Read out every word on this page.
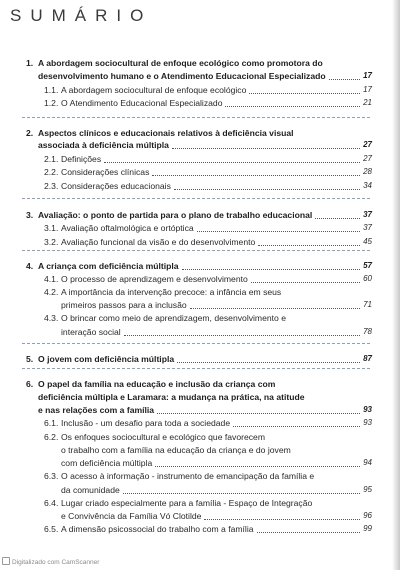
SUMÁRIO
1. A abordagem sociocultural de enfoque ecológico como promotora do
desenvolvimento humano e o Atendimento Educacional Especializado	17
1.1. A abordagem sociocultural de enfoque ecológico	17
1.2. O Atendimento Educacional Especializado	21
2. Aspectos clínicos e educacionais relativos à deficiência visual
associada à deficiência múltipla	27
2.1. Definições	27
2.2. Considerações clínicas	28
2.3. Considerações educacionais	34
3. Avaliação: o ponto de partida para o plano de trabalho educacional	37
3.1. Avaliação oftalmológica e ortóptica	37
3.2. Avaliação funcional da visão e do desenvolvimento	45
4. A criança com deficiência múltipla	57
4.1. O processo de aprendizagem e desenvolvimento	60
4.2. A importância da intervenção precoce: a infância em seus
primeiros passos para a inclusão	71
4.3. O brincar como meio de aprendizagem, desenvolvimento e
interação social	78
5. O jovem com deficiência múltipla	87
6. O papel da família na educação e inclusão da criança com
deficiência múltipla e Laramara: a mudança na prática, na atitude
e nas relações com a família	93
6.1. Inclusão - um desafio para toda a sociedade	93
6.2. Os enfoques sociocultural e ecológico que favorecem
o trabalho com a família na educação da criança e do jovem
com deficiência múltipla	94
6.3. O acesso à informação - instrumento de emancipação da família e
da comunidade	95
6.4. Lugar criado especialmente para a família - Espaço de Integração
e Convivência da Família Vó Clotilde	96
6.5. A dimensão psicossocial do trabalho com a família	99
Digitalizado com CamScanner
